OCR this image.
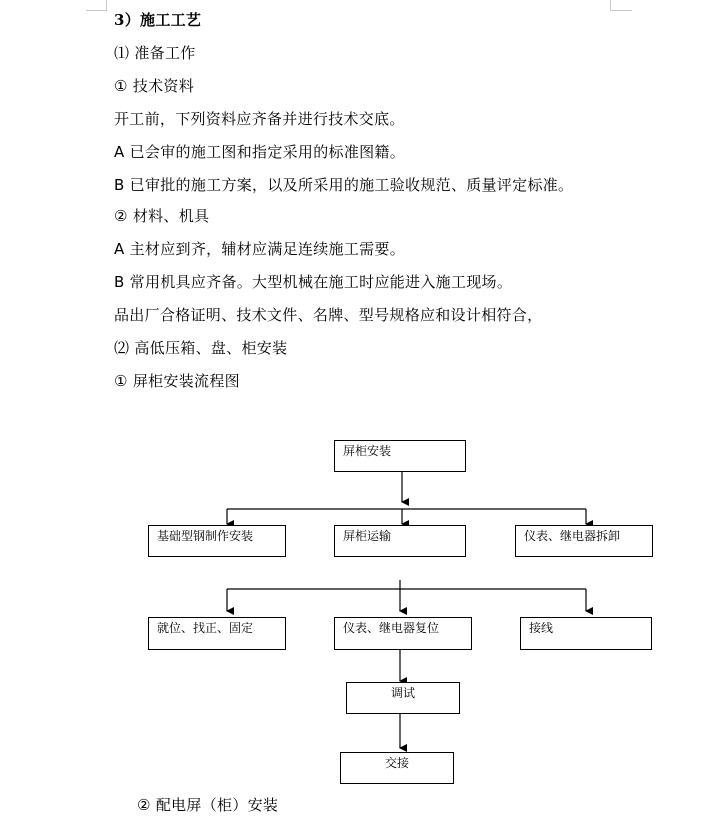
3）施工工艺
⑴ 准备工作
① 技术资料
开工前，下列资料应齐备并进行技术交底。
A 已会审的施工图和指定采用的标准图籍。
B 已审批的施工方案，以及所采用的施工验收规范、质量评定标准。
② 材料、机具
A 主材应到齐，辅材应满足连续施工需要。
B 常用机具应齐备。大型机械在施工时应能进入施工现场。
品出厂合格证明、技术文件、名牌、型号规格应和设计相符合，
⑵ 高低压箱、盘、柜安装
① 屏柜安装流程图
屏柜安装
基础型钢制作安装	屏柜运输	仪表、继电器拆卸
就位、找正、固定	仪表、继电器复位	接线
调试
交接
② 配电屏（柜）安装
